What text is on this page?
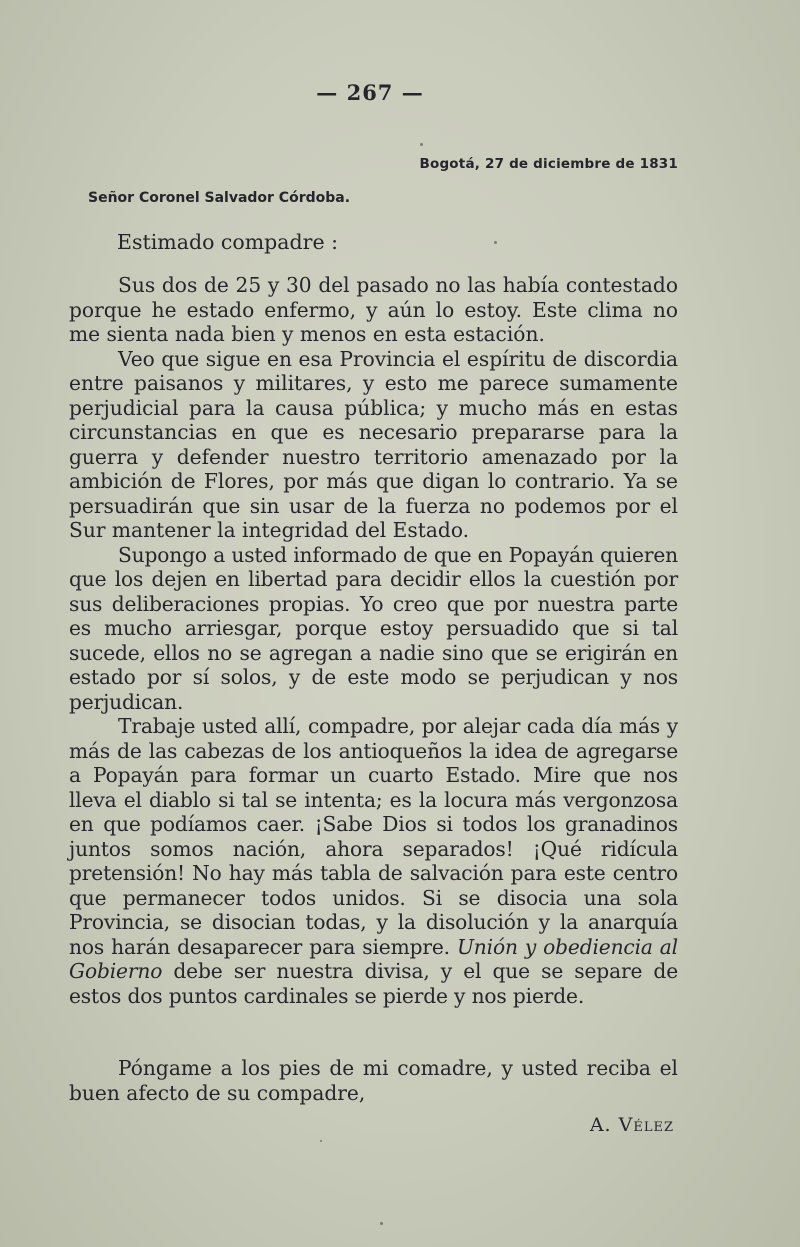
— 267 —
Bogotá, 27 de diciembre de 1831
Señor Coronel Salvador Córdoba.
Estimado compadre :

Sus dos de 25 y 30 del pasado no las había contestado porque he estado enfermo, y aún lo estoy. Este clima no me sienta nada bien y menos en esta estación.

Veo que sigue en esa Provincia el espíritu de discordia entre paisanos y militares, y esto me parece sumamente perjudicial para la causa pública; y mucho más en estas circunstancias en que es necesario prepararse para la guerra y defender nuestro territorio amenazado por la ambición de Flores, por más que digan lo contrario. Ya se persuadirán que sin usar de la fuerza no podemos por el Sur mantener la integridad del Estado.

Supongo a usted informado de que en Popayán quieren que los dejen en libertad para decidir ellos la cuestión por sus deliberaciones propias. Yo creo que por nuestra parte es mucho arriesgar, porque estoy persuadido que si tal sucede, ellos no se agregan a nadie sino que se erigirán en estado por sí solos, y de este modo se perjudican y nos perjudican.

Trabaje usted allí, compadre, por alejar cada día más y más de las cabezas de los antioqueños la idea de agregarse a Popayán para formar un cuarto Estado. Mire que nos lleva el diablo si tal se intenta; es la locura más vergonzosa en que podíamos caer. ¡Sabe Dios si todos los granadinos juntos somos nación, ahora separados! ¡Qué ridícula pretensión! No hay más tabla de salvación para este centro que permanecer todos unidos. Si se disocia una sola Provincia, se disocian todas, y la disolución y la anarquía nos harán desaparecer para siempre. Unión y obediencia al Gobierno debe ser nuestra divisa, y el que se separe de estos dos puntos cardinales se pierde y nos pierde.

Póngame a los pies de mi comadre, y usted reciba el buen afecto de su compadre,

A. Vélez
